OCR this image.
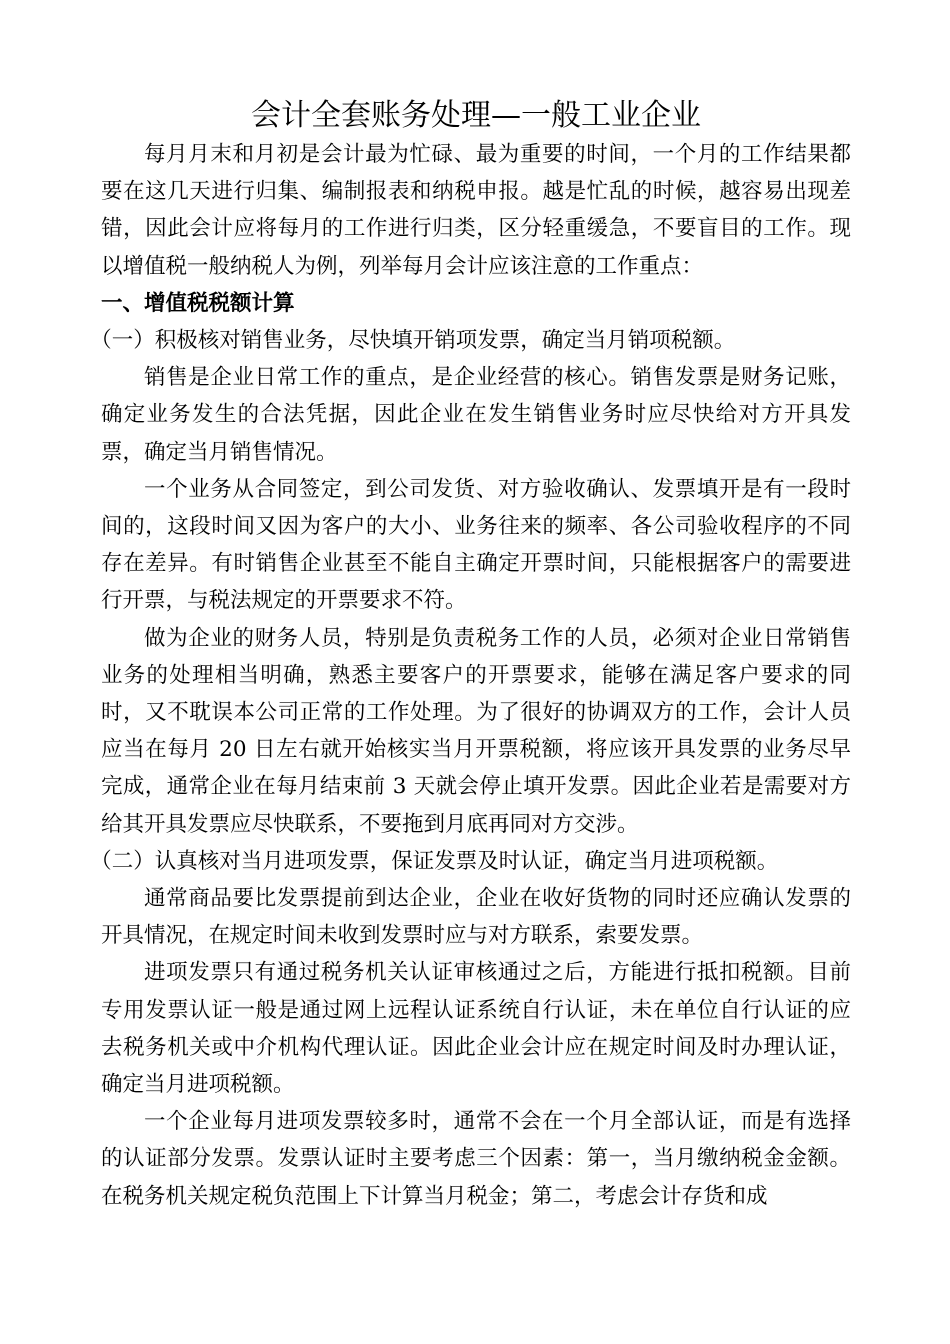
会计全套账务处理—一般工业企业

每月月末和月初是会计最为忙碌、最为重要的时间，一个月的工作结果都要在这几天进行归集、编制报表和纳税申报。越是忙乱的时候，越容易出现差错，因此会计应将每月的工作进行归类，区分轻重缓急，不要盲目的工作。现以增值税一般纳税人为例，列举每月会计应该注意的工作重点：

一、增值税税额计算

（一）积极核对销售业务，尽快填开销项发票，确定当月销项税额。

销售是企业日常工作的重点，是企业经营的核心。销售发票是财务记账，确定业务发生的合法凭据，因此企业在发生销售业务时应尽快给对方开具发票，确定当月销售情况。

一个业务从合同签定，到公司发货、对方验收确认、发票填开是有一段时间的，这段时间又因为客户的大小、业务往来的频率、各公司验收程序的不同存在差异。有时销售企业甚至不能自主确定开票时间，只能根据客户的需要进行开票，与税法规定的开票要求不符。

做为企业的财务人员，特别是负责税务工作的人员，必须对企业日常销售业务的处理相当明确，熟悉主要客户的开票要求，能够在满足客户要求的同时，又不耽误本公司正常的工作处理。为了很好的协调双方的工作，会计人员应当在每月 20 日左右就开始核实当月开票税额，将应该开具发票的业务尽早完成，通常企业在每月结束前 3 天就会停止填开发票。因此企业若是需要对方给其开具发票应尽快联系，不要拖到月底再同对方交涉。

（二）认真核对当月进项发票，保证发票及时认证，确定当月进项税额。

通常商品要比发票提前到达企业，企业在收好货物的同时还应确认发票的开具情况，在规定时间未收到发票时应与对方联系，索要发票。

进项发票只有通过税务机关认证审核通过之后，方能进行抵扣税额。目前专用发票认证一般是通过网上远程认证系统自行认证，未在单位自行认证的应去税务机关或中介机构代理认证。因此企业会计应在规定时间及时办理认证，确定当月进项税额。

一个企业每月进项发票较多时，通常不会在一个月全部认证，而是有选择的认证部分发票。发票认证时主要考虑三个因素：第一，当月缴纳税金金额。在税务机关规定税负范围上下计算当月税金；第二，考虑会计存货和成
